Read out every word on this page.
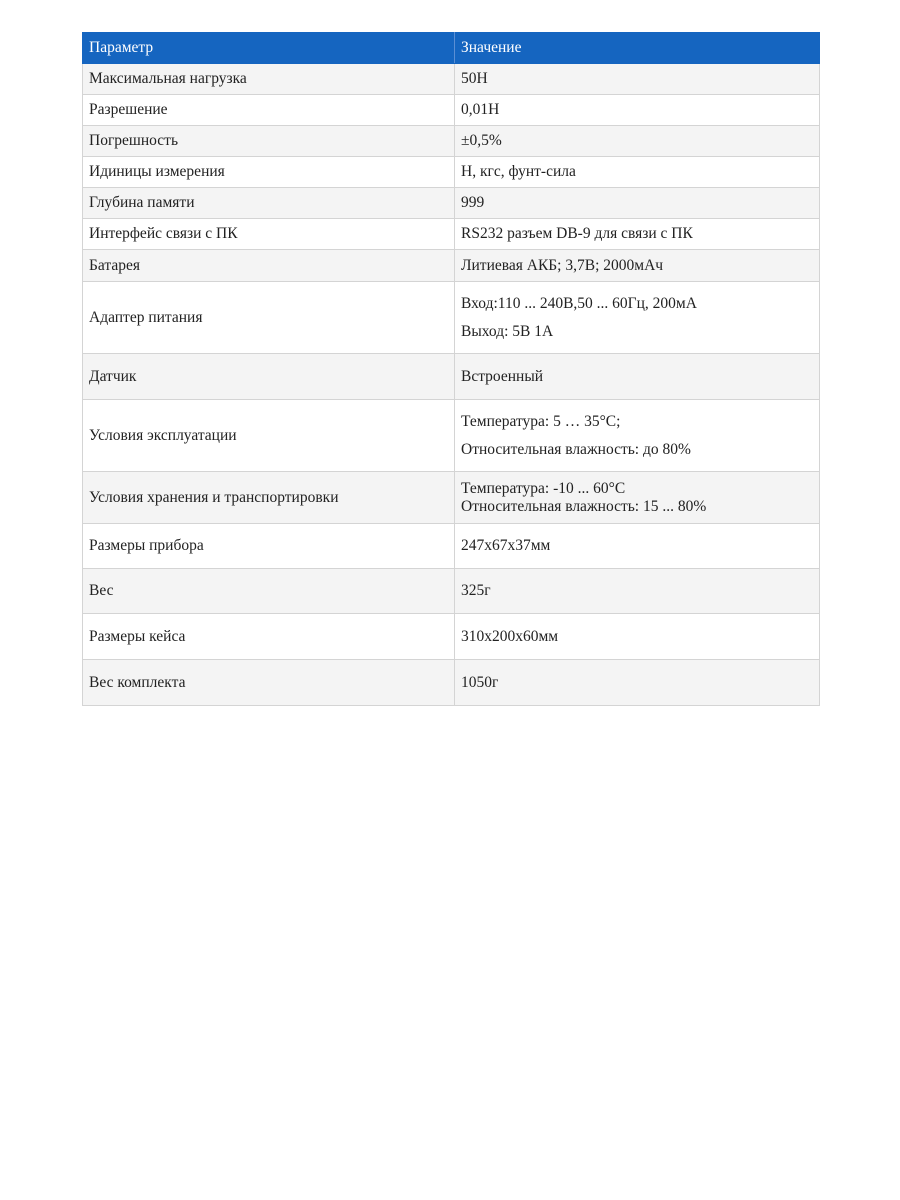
Параметр	Значение
Максимальная нагрузка	50Н

Разрешение	0,01Н

Погрешность	±0,5%

Идиницы измерения	Н, кгс, фунт-сила

Глубина памяти	999

Интерфейс связи с ПК	RS232 разъем DB-9 для связи с ПК

Батарея	Литиевая АКБ; 3,7В; 2000мАч

Адаптер питания	Вход:110 ... 240В,50 ... 60Гц, 200мА
Выход: 5В 1А

Датчик	Встроенный

Условия эксплуатации	Температура: 5 … 35°С;
Относительная влажность: до 80%

Условия хранения и транспортировки	Температура: -10 ... 60°С
Относительная влажность: 15 ... 80%

Размеры прибора	247x67x37мм

Вес	325г

Размеры кейса	310x200x60мм

Вес комплекта	1050г
